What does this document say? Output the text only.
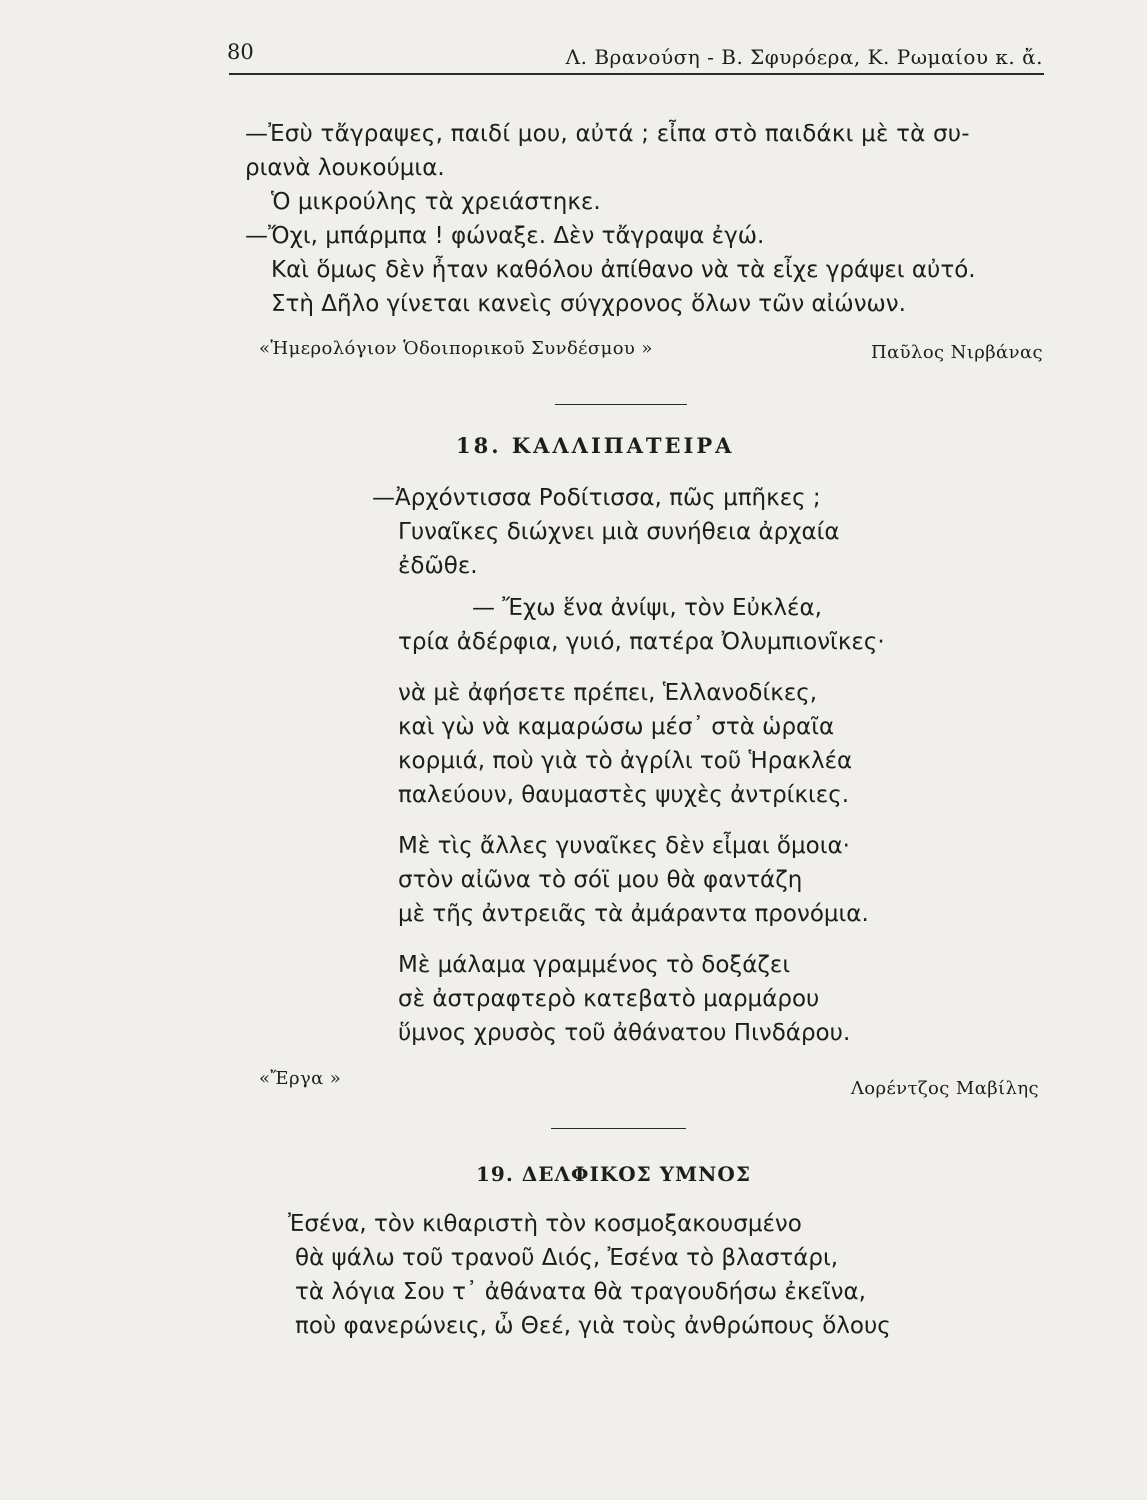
80	Λ. Βρανούση - Β. Σφυρόερα, Κ. Ρωμαίου κ. ἄ.
—Ἐσὺ τἄγραψες, παιδί μου, αὐτά ; εἶπα στὸ παιδάκι μὲ τὰ συ-
ριανὰ λουκούμια.
Ὁ μικρούλης τὰ χρειάστηκε.
—Ὄχι, μπάρμπα ! φώναξε. Δὲν τἄγραψα ἐγώ.
Καὶ ὅμως δὲν ἦταν καθόλου ἀπίθανο νὰ τὰ εἶχε γράψει αὐτό.
Στὴ Δῆλο γίνεται κανεὶς σύγχρονος ὅλων τῶν αἰώνων.
«Ἡμερολόγιον Ὁδοιπορικοῦ Συνδέσμου »	Παῦλος Νιρβάνας
18. ΚΑΛΛΙΠΑΤΕΙΡΑ
—Ἀρχόντισσα Ροδίτισσα, πῶς μπῆκες ;
Γυναῖκες διώχνει μιὰ συνήθεια ἀρχαία
ἐδῶθε.
— Ἔχω ἕνα ἀνίψι, τὸν Εὐκλέα,
τρία ἀδέρφια, γυιό, πατέρα Ὀλυμπιονῖκες·
νὰ μὲ ἀφήσετε πρέπει, Ἑλλανοδίκες,
καὶ γὼ νὰ καμαρώσω μέσ᾽ στὰ ὡραῖα
κορμιά, ποὺ γιὰ τὸ ἀγρίλι τοῦ Ἡρακλέα
παλεύουν, θαυμαστὲς ψυχὲς ἀντρίκιες.
Μὲ τὶς ἄλλες γυναῖκες δὲν εἶμαι ὅμοια·
στὸν αἰῶνα τὸ σόϊ μου θὰ φαντάζη
μὲ τῆς ἀντρειᾶς τὰ ἀμάραντα προνόμια.
Μὲ μάλαμα γραμμένος τὸ δοξάζει
σὲ ἀστραφτερὸ κατεβατὸ μαρμάρου
ὕμνος χρυσὸς τοῦ ἀθάνατου Πινδάρου.
«Ἔργα »	Λορέντζος Μαβίλης
19. ΔΕΛΦΙΚΟΣ ΥΜΝΟΣ
Ἐσένα, τὸν κιθαριστὴ τὸν κοσμοξακουσμένο
θὰ ψάλω τοῦ τρανοῦ Διός, Ἐσένα τὸ βλαστάρι,
τὰ λόγια Σου τ᾽ ἀθάνατα θὰ τραγουδήσω ἐκεῖνα,
ποὺ φανερώνεις, ὦ Θεέ, γιὰ τοὺς ἀνθρώπους ὅλους
